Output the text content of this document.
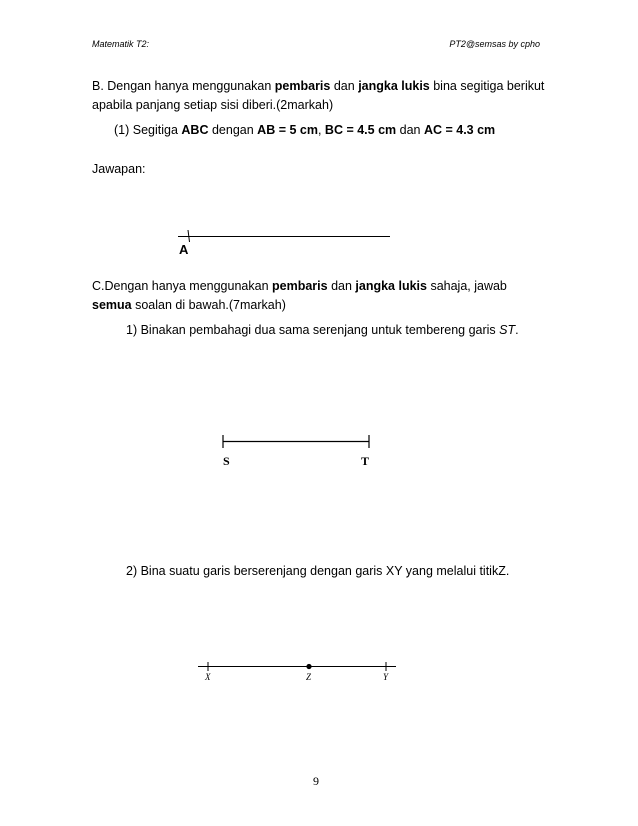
Matematik T2:	PT2@semsas by cpho
B. Dengan hanya menggunakan pembaris dan jangka lukis bina segitiga berikut
apabila panjang setiap sisi diberi.(2markah)
(1) Segitiga ABC dengan AB = 5 cm, BC = 4.5 cm dan AC = 4.3 cm
Jawapan:
C.Dengan hanya menggunakan pembaris dan jangka lukis sahaja, jawab
semua soalan di bawah.(7markah)
1) Binakan pembahagi dua sama serenjang untuk tembereng garis ST.
2) Bina suatu garis berserenjang dengan garis XY yang melalui titikZ.
A
S	T
X	Z	Y
9
